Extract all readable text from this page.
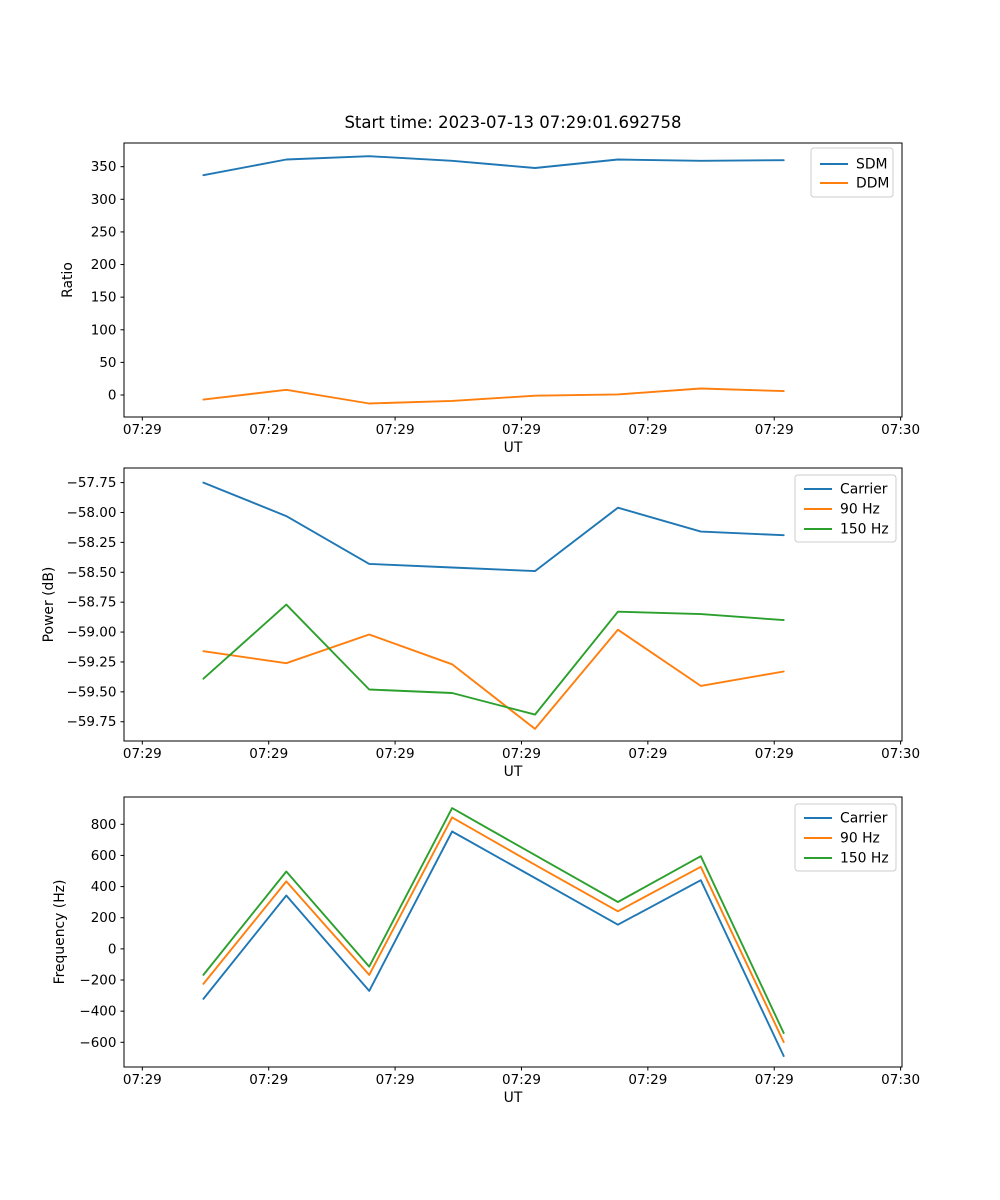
Start time: 2023-07-13 07:29:01.692758
07:29	07:29	07:29	07:29	07:29	07:29	07:30
UT
0
50
100
150
200
250
300
350
Ratio
SDM
DDM
07:29	07:29	07:29	07:29	07:29	07:29	07:30
UT
−57.75
−58.00
−58.25
−58.50
−58.75
−59.00
−59.25
−59.50
−59.75
Power (dB)
Carrier
90 Hz
150 Hz
07:29	07:29	07:29	07:29	07:29	07:29	07:30
UT
800
600
400
200
0
−200
−400
−600
Frequency (Hz)
Carrier
90 Hz
150 Hz
